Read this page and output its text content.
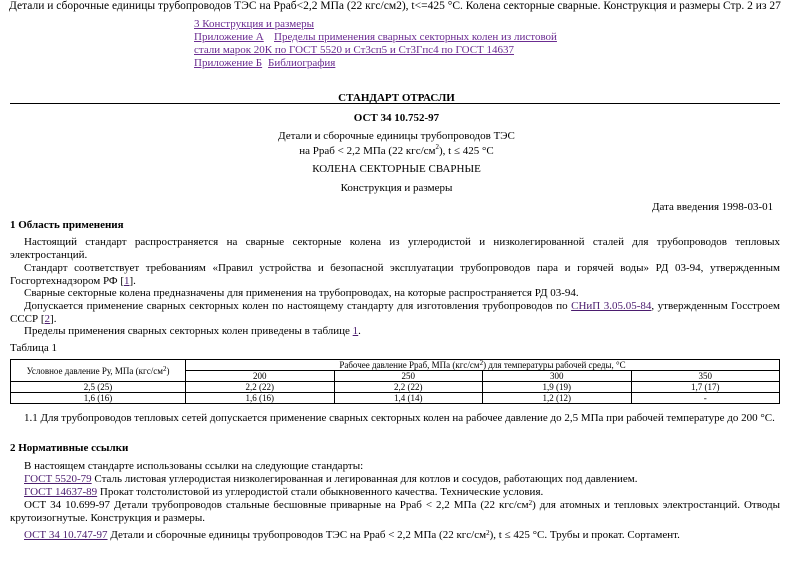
Детали и сборочные единицы трубопроводов ТЭС на Рраб<2,2 МПа (22 кгс/см2), t<=425 °С. Колена секторные сварные. Конструкция и размеры Стр. 2 из 27
3 Конструкция и размеры
Приложение А Пределы применения сварных секторных колен из листовой
стали марок 20К по ГОСТ 5520 и Ст3сп5 и Ст3Гпс4 по ГОСТ 14637
Приложение Б Библиография
СТАНДАРТ ОТРАСЛИ
ОСТ 34 10.752-97
Детали и сборочные единицы трубопроводов ТЭС
на Рраб < 2,2 МПа (22 кгс/$см^2$), t ≤ 425 °С
КОЛЕНА СЕКТОРНЫЕ СВАРНЫЕ
Конструкция и размеры
Дата введения 1998-03-01
1 Область применения
Настоящий стандарт распространяется на сварные секторные колена из углеродистой и низколегированной сталей для трубопроводов тепловых электростанций.
Стандарт соответствует требованиям «Правил устройства и безопасной эксплуатации трубопроводов пара и горячей воды» РД 03-94, утвержденным Госгортехнадзором РФ [1].
Сварные секторные колена предназначены для применения на трубопроводах, на которые распространяется РД 03-94.
Допускается применение сварных секторных колен по настоящему стандарту для изготовления трубопроводов по СНиП 3.05.05-84, утвержденным Госстроем СССР [2].
Пределы применения сварных секторных колен приведены в таблице 1.
Таблица 1
Условное давление Ру, МПа $(кгс/см^2)$	Рабочее давление Рраб, МПа $(кгс/см^2)$ для температуры рабочей среды, °С			
	200	250	300	350
2,5 (25)	2,2 (22)	2,2 (22)	1,9 (19)	1,7 (17)
1,6 (16)	1,6 (16)	1,4 (14)	1,2 (12)	-
1.1 Для трубопроводов тепловых сетей допускается применение сварных секторных колен на рабочее давление до 2,5 МПа при рабочей температуре до 200 °С.
2 Нормативные ссылки
В настоящем стандарте использованы ссылки на следующие стандарты:
ГОСТ 5520-79 Сталь листовая углеродистая низколегированная и легированная для котлов и сосудов, работающих под давлением.
ГОСТ 14637-89 Прокат толстолистовой из углеродистой стали обыкновенного качества. Технические условия.
ОСТ 34 10.699-97 Детали трубопроводов стальные бесшовные приварные на Рраб < 2,2 МПа (22 кгс/$см^2$) для атомных и тепловых электростанций. Отводы крутоизогнутые. Конструкция и размеры.
ОСТ 34 10.747-97 Детали и сборочные единицы трубопроводов ТЭС на Рраб < 2,2 МПа (22 кгс/$см^2$), t ≤ 425 °С. Трубы и прокат. Сортамент.
